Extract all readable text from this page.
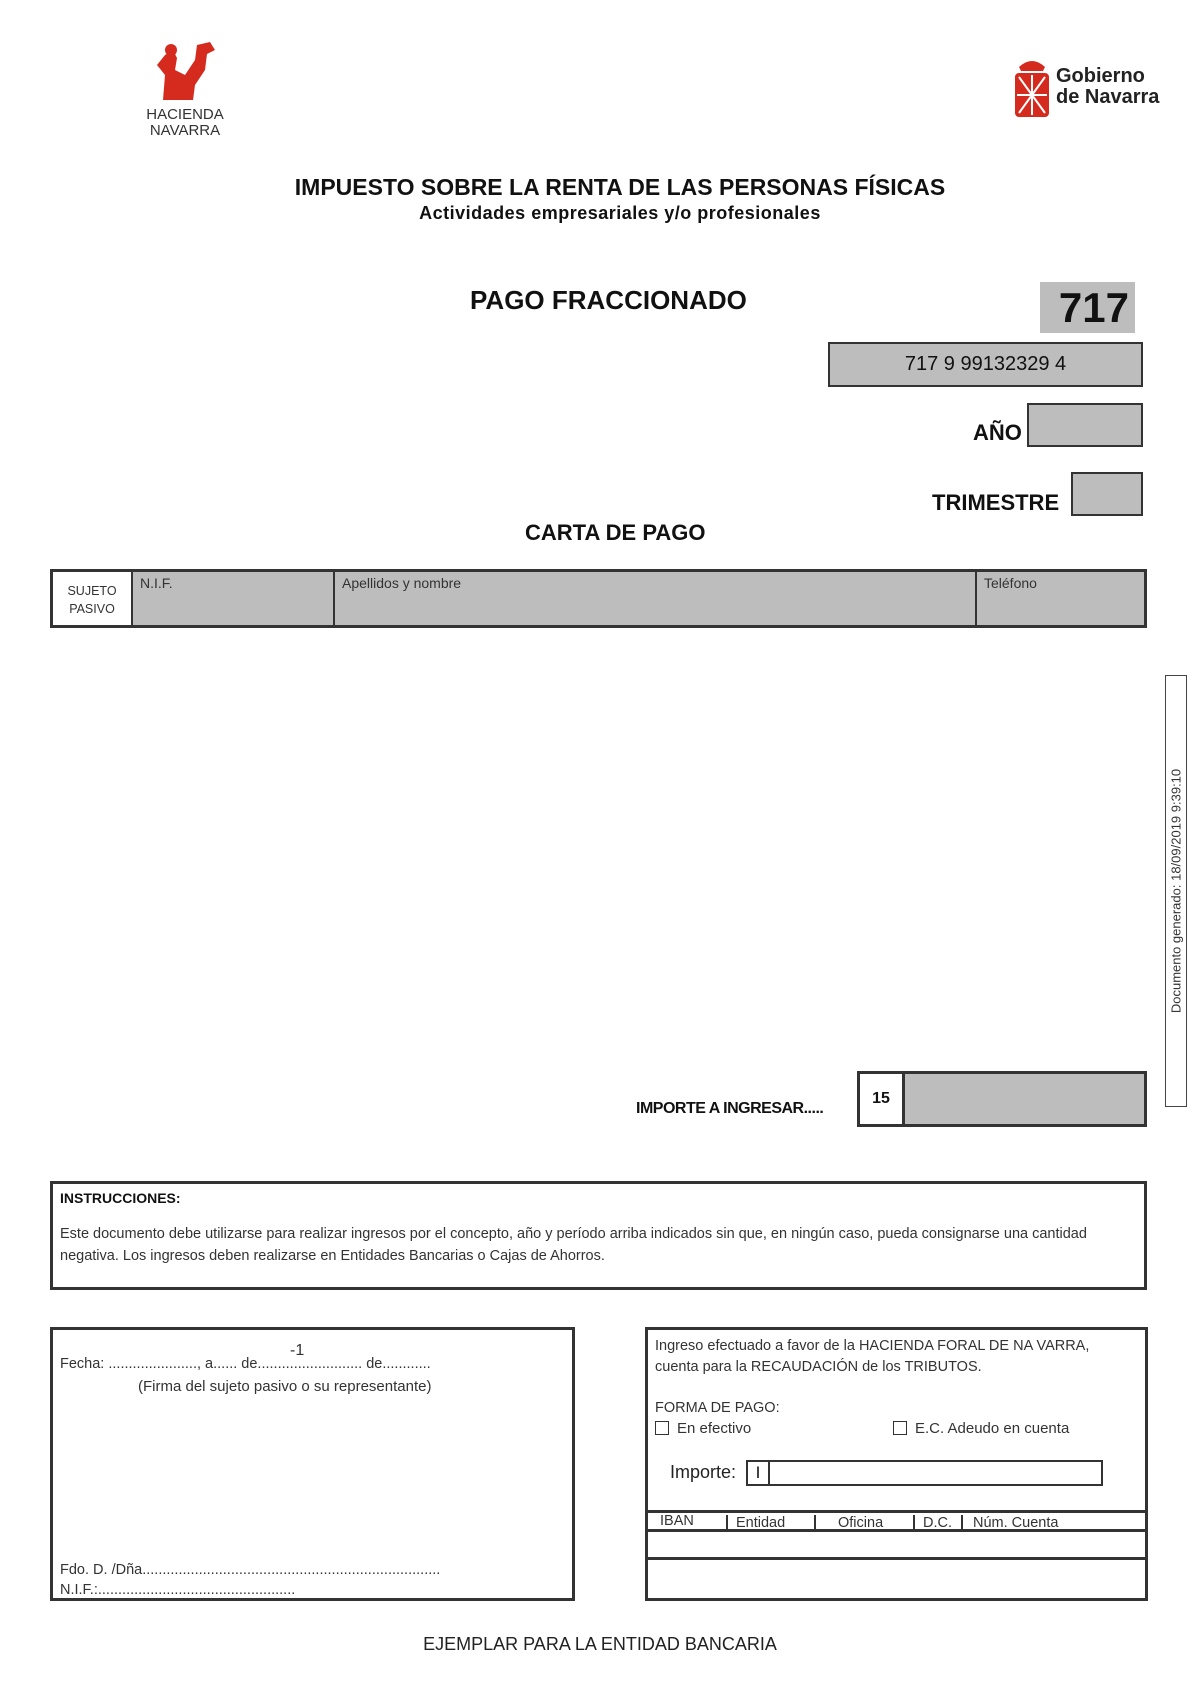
HACIENDA
NAVARRA
Gobierno
de Navarra
IMPUESTO SOBRE LA RENTA DE LAS PERSONAS FÍSICAS
Actividades empresariales y/o profesionales
PAGO FRACCIONADO	717
717 9 99132329 4
AÑO
TRIMESTRE
CARTA DE PAGO
SUJETO
PASIVO
N.I.F.	Apellidos y nombre	Teléfono
Documento generado: 18/09/2019 9:39:10
IMPORTE A INGRESAR.....
15
INSTRUCCIONES:
Este documento debe utilizarse para realizar ingresos por el concepto, año y período arriba indicados sin que, en ningún caso, pueda consignarse una cantidad negativa. Los ingresos deben realizarse en Entidades Bancarias o Cajas de Ahorros.
Fecha: ......................, a...... de.......................... de............
-1
(Firma del sujeto pasivo o su representante)
Fdo. D. /Dña..........................................................................
N.I.F.:.................................................
Ingreso efectuado a favor de la HACIENDA FORAL DE NA VARRA,
cuenta para la RECAUDACIÓN de los TRIBUTOS.
FORMA DE PAGO:
En efectivo	E.C. Adeudo en cuenta
Importe:	I
IBAN	Entidad	Oficina	D.C.	Núm. Cuenta
EJEMPLAR PARA LA ENTIDAD BANCARIA
